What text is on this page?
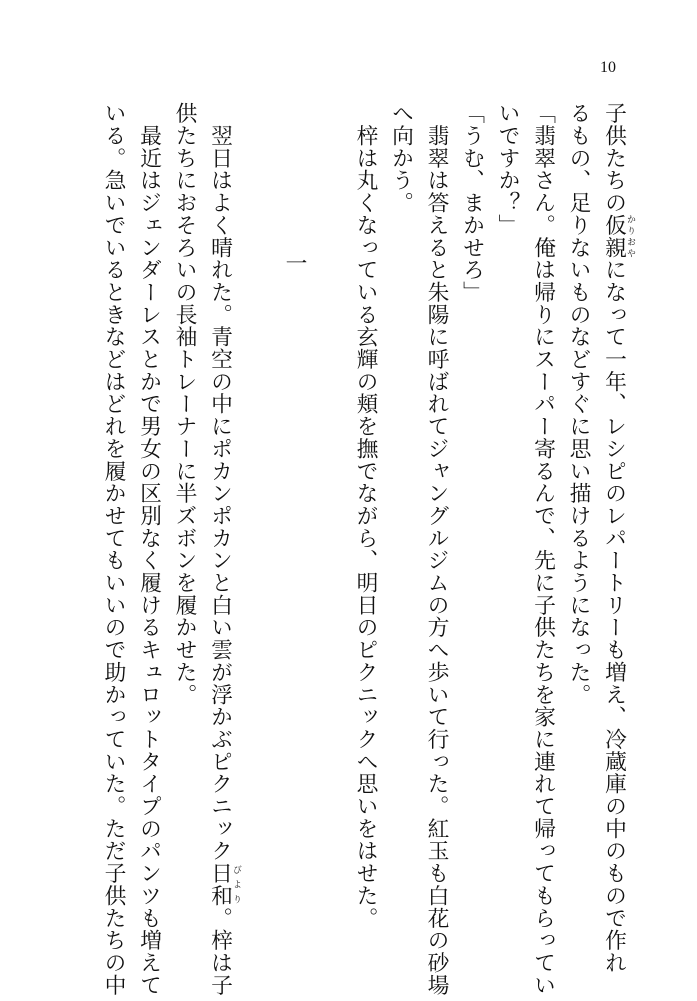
10
子供たちの仮親かりおやになって一年、レシピのレパートリーも増え、冷蔵庫の中のもので作れ
るもの、足りないものなどすぐに思い描けるようになった。
「翡翠さん。俺は帰りにスーパー寄るんで、先に子供たちを家に連れて帰ってもらってい
いですか？」
「うむ、まかせろ」
　翡翠は答えると朱陽に呼ばれてジャングルジムの方へ歩いて行った。紅玉も白花の砂場
へ向かう。
　梓は丸くなっている玄輝の頬を撫でながら、明日のピクニックへ思いをはせた。

一

　翌日はよく晴れた。青空の中にポカンポカンと白い雲が浮かぶピクニック日和びより。梓は子
供たちにおそろいの長袖トレーナーに半ズボンを履かせた。
　最近はジェンダーレスとかで男女の区別なく履けるキュロットタイプのパンツも増えて
いる。急いでいるときなどはどれを履かせてもいいので助かっていた。ただ子供たちの中
